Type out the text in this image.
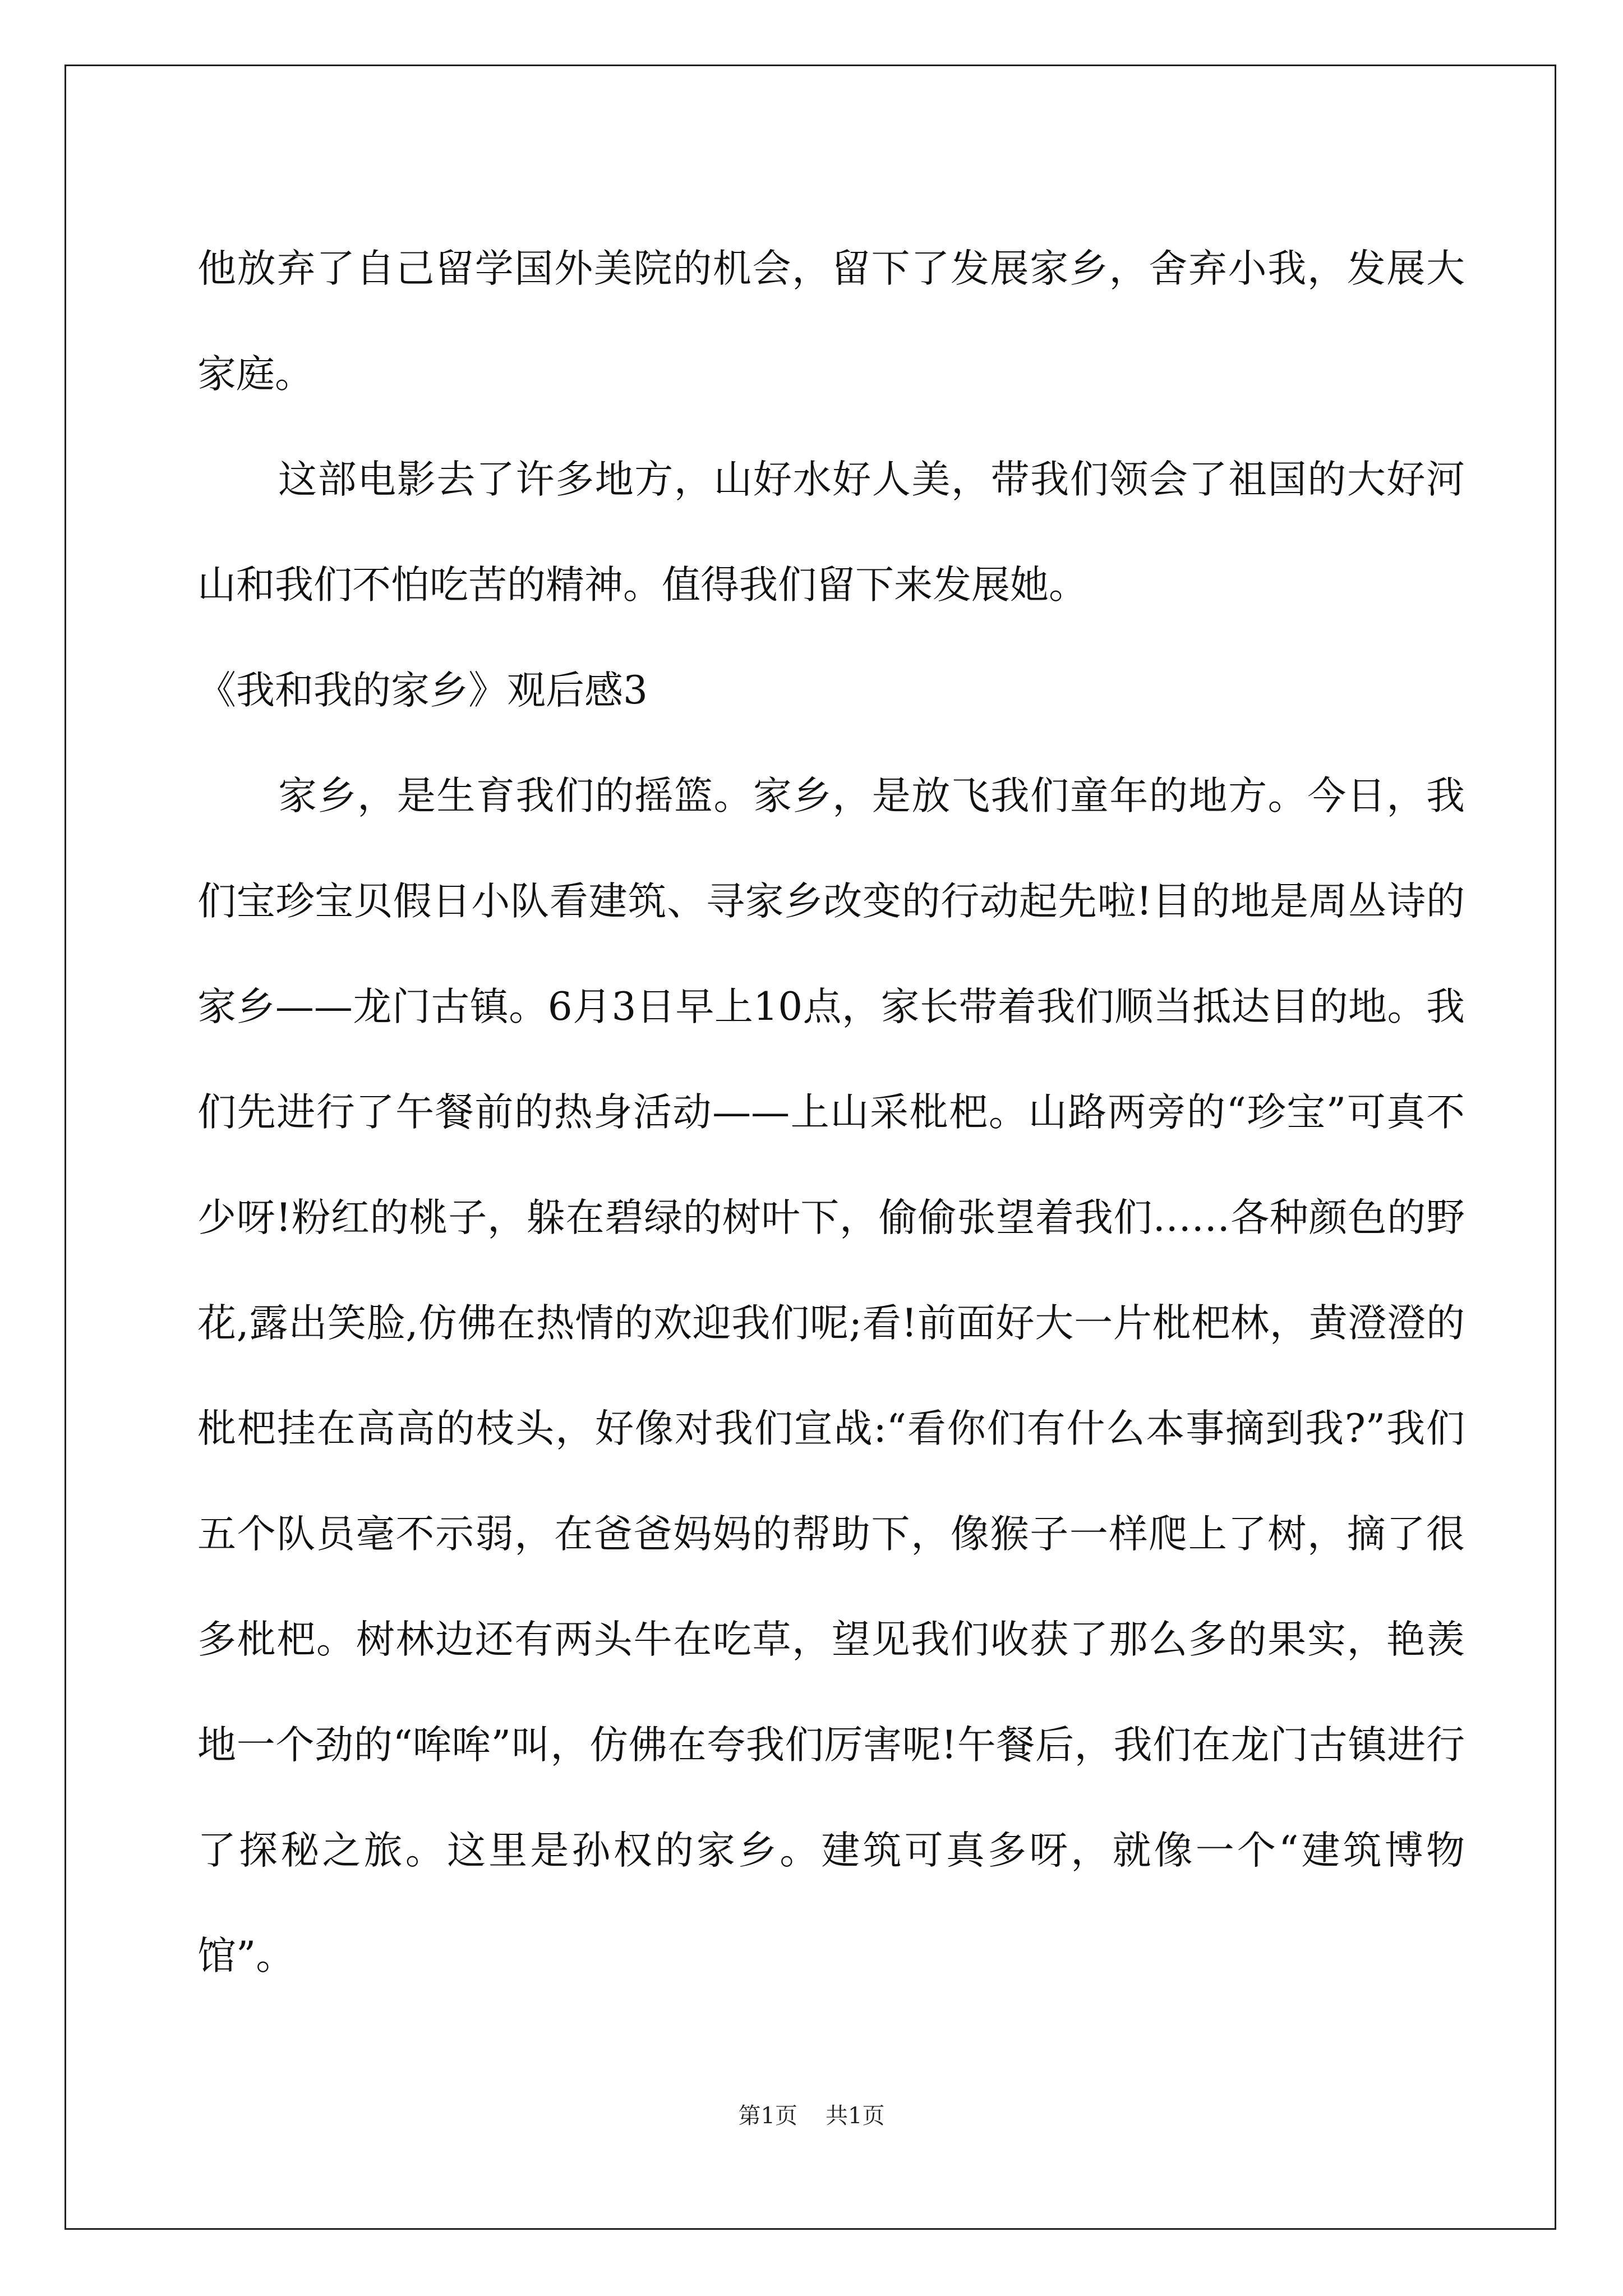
他放弃了自己留学国外美院的机会，留下了发展家乡，舍弃小我，发展大家庭。

这部电影去了许多地方，山好水好人美，带我们领会了祖国的大好河山和我们不怕吃苦的精神。值得我们留下来发展她。

《我和我的家乡》观后感3

家乡，是生育我们的摇篮。家乡，是放飞我们童年的地方。今日，我们宝珍宝贝假日小队看建筑、寻家乡改变的行动起先啦!目的地是周丛诗的家乡——龙门古镇。6月3日早上10点，家长带着我们顺当抵达目的地。我们先进行了午餐前的热身活动——上山采枇杷。山路两旁的“珍宝”可真不少呀!粉红的桃子，躲在碧绿的树叶下，偷偷张望着我们……各种颜色的野花,露出笑脸,仿佛在热情的欢迎我们呢;看!前面好大一片枇杷林，黄澄澄的枇杷挂在高高的枝头，好像对我们宣战:“看你们有什么本事摘到我?”我们五个队员毫不示弱，在爸爸妈妈的帮助下，像猴子一样爬上了树，摘了很多枇杷。树林边还有两头牛在吃草，望见我们收获了那么多的果实，艳羡地一个劲的“哞哞”叫，仿佛在夸我们厉害呢!午餐后，我们在龙门古镇进行了探秘之旅。这里是孙权的家乡。建筑可真多呀，就像一个“建筑博物馆”。

第1页 共1页
